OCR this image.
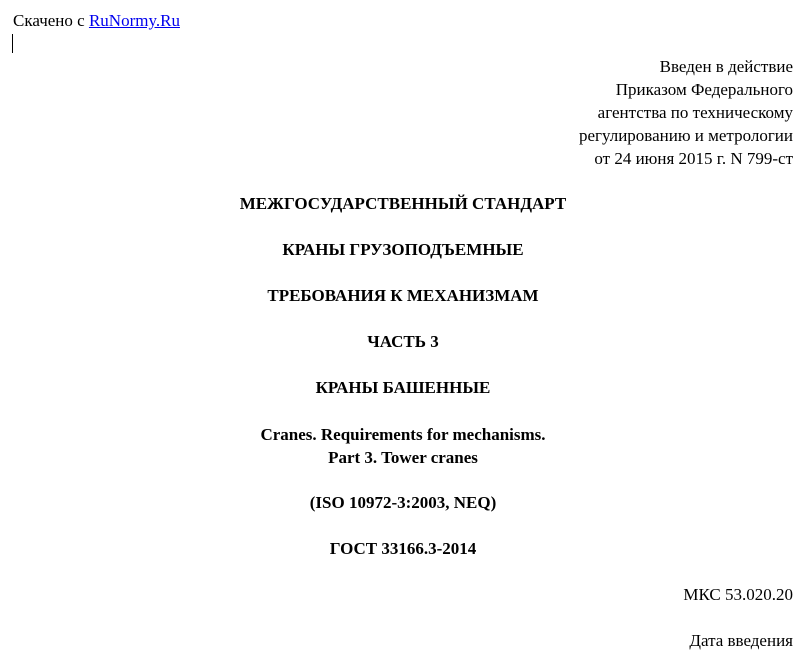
Скачено с RuNormy.Ru
Введен в действие
Приказом Федерального
агентства по техническому
регулированию и метрологии
от 24 июня 2015 г. N 799-ст
МЕЖГОСУДАРСТВЕННЫЙ СТАНДАРТ
КРАНЫ ГРУЗОПОДЪЕМНЫЕ
ТРЕБОВАНИЯ К МЕХАНИЗМАМ
ЧАСТЬ 3
КРАНЫ БАШЕННЫЕ
Cranes. Requirements for mechanisms.
Part 3. Tower cranes
(ISO 10972-3:2003, NEQ)
ГОСТ 33166.3-2014
МКС 53.020.20
Дата введения
